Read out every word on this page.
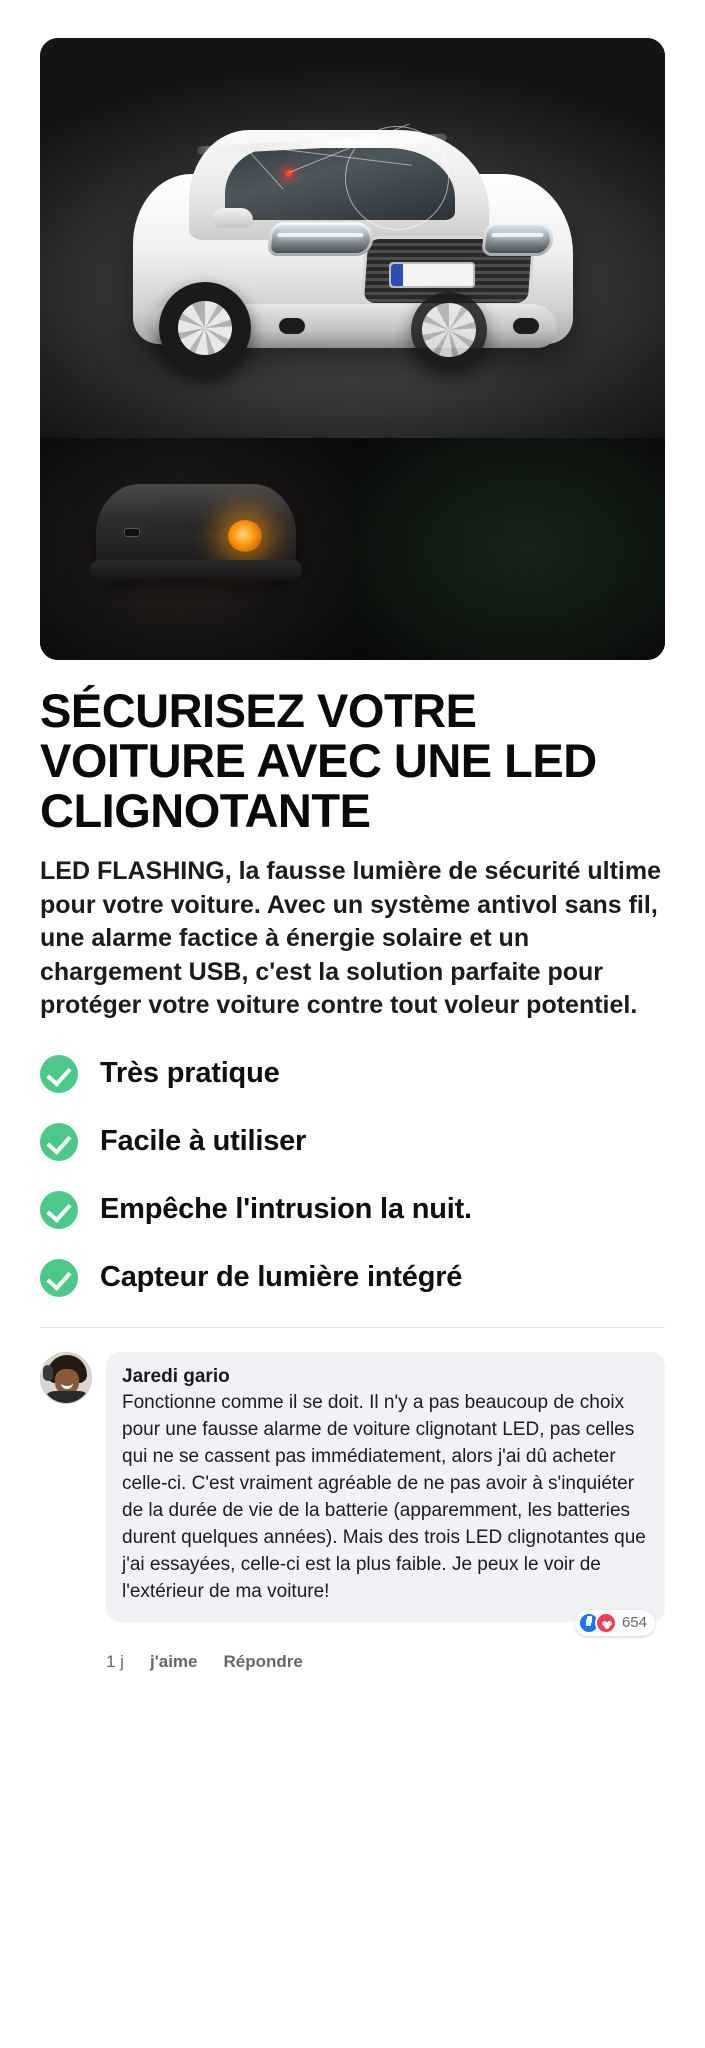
SÉCURISEZ VOTRE VOITURE AVEC UNE LED CLIGNOTANTE

LED FLASHING, la fausse lumière de sécurité ultime pour votre voiture. Avec un système antivol sans fil, une alarme factice à énergie solaire et un chargement USB, c'est la solution parfaite pour protéger votre voiture contre tout voleur potentiel.

Très pratique
Facile à utiliser
Empêche l'intrusion la nuit.
Capteur de lumière intégré
Jaredi gario
Fonctionne comme il se doit. Il n'y a pas beaucoup de choix pour une fausse alarme de voiture clignotant LED, pas celles qui ne se cassent pas immédiatement, alors j'ai dû acheter celle-ci. C'est vraiment agréable de ne pas avoir à s'inquiéter de la durée de vie de la batterie (apparemment, les batteries durent quelques années). Mais des trois LED clignotantes que j'ai essayées, celle-ci est la plus faible. Je peux le voir de l'extérieur de ma voiture!
654
1 j j'aime Répondre
